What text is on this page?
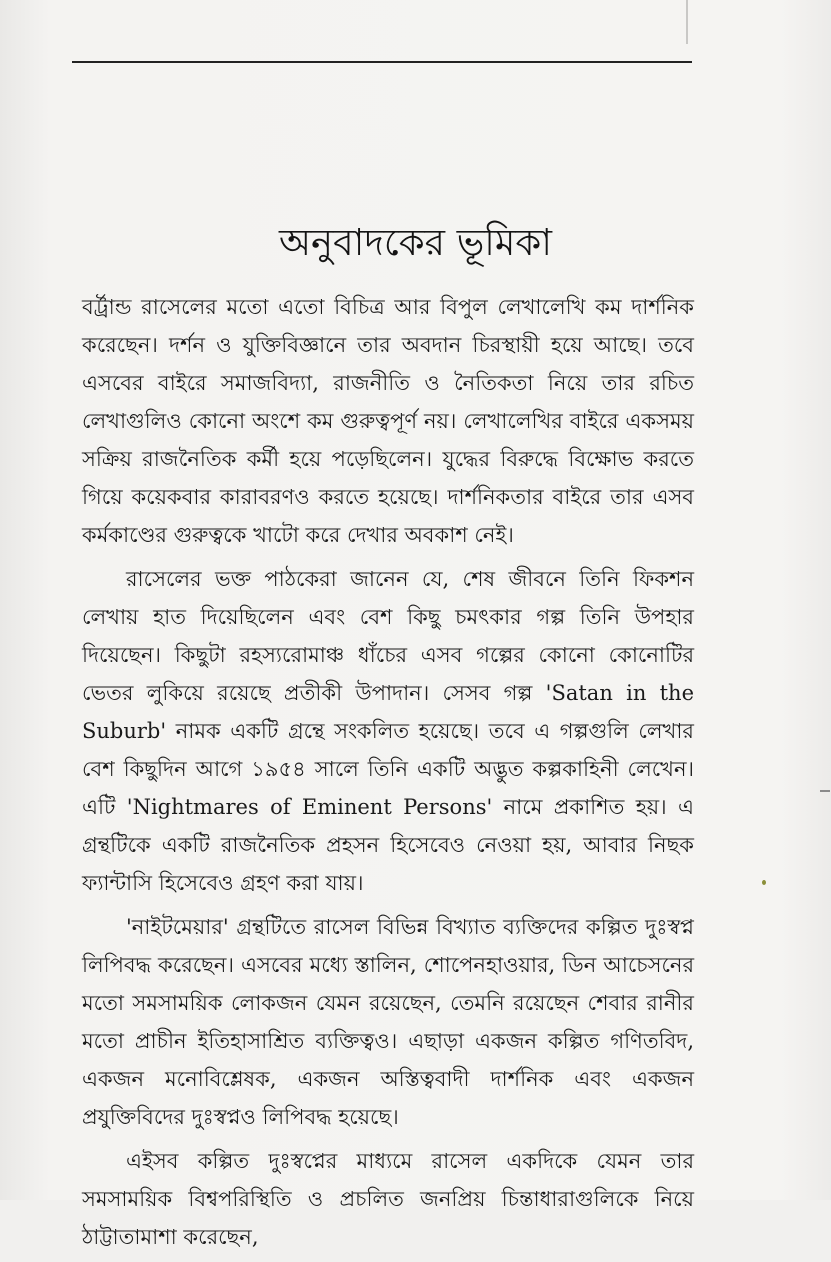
অনুবাদকের ভূমিকা

বর্ট্রান্ড রাসেলের মতো এতো বিচিত্র আর বিপুল লেখালেখি কম দার্শনিক করেছেন। দর্শন ও যুক্তিবিজ্ঞানে তার অবদান চিরস্থায়ী হয়ে আছে। তবে এসবের বাইরে সমাজবিদ্যা, রাজনীতি ও নৈতিকতা নিয়ে তার রচিত লেখাগুলিও কোনো অংশে কম গুরুত্বপূর্ণ নয়। লেখালেখির বাইরে একসময় সক্রিয় রাজনৈতিক কর্মী হয়ে পড়েছিলেন। যুদ্ধের বিরুদ্ধে বিক্ষোভ করতে গিয়ে কয়েকবার কারাবরণও করতে হয়েছে। দার্শনিকতার বাইরে তার এসব কর্মকাণ্ডের গুরুত্বকে খাটো করে দেখার অবকাশ নেই।

রাসেলের ভক্ত পাঠকেরা জানেন যে, শেষ জীবনে তিনি ফিকশন লেখায় হাত দিয়েছিলেন এবং বেশ কিছু চমৎকার গল্প তিনি উপহার দিয়েছেন। কিছুটা রহস্যরোমাঞ্চ ধাঁচের এসব গল্পের কোনো কোনোটির ভেতর লুকিয়ে রয়েছে প্রতীকী উপাদান। সেসব গল্প 'Satan in the Suburb' নামক একটি গ্রন্থে সংকলিত হয়েছে। তবে এ গল্পগুলি লেখার বেশ কিছুদিন আগে ১৯৫৪ সালে তিনি একটি অদ্ভুত কল্পকাহিনী লেখেন। এটি 'Nightmares of Eminent Persons' নামে প্রকাশিত হয়। এ গ্রন্থটিকে একটি রাজনৈতিক প্রহসন হিসেবেও নেওয়া হয়, আবার নিছক ফ্যান্টাসি হিসেবেও গ্রহণ করা যায়।

'নাইটমেয়ার' গ্রন্থটিতে রাসেল বিভিন্ন বিখ্যাত ব্যক্তিদের কল্পিত দুঃস্বপ্ন লিপিবদ্ধ করেছেন। এসবের মধ্যে স্তালিন, শোপেনহাওয়ার, ডিন আচেসনের মতো সমসাময়িক লোকজন যেমন রয়েছেন, তেমনি রয়েছেন শেবার রানীর মতো প্রাচীন ইতিহাসাশ্রিত ব্যক্তিত্বও। এছাড়া একজন কল্পিত গণিতবিদ, একজন মনোবিশ্লেষক, একজন অস্তিত্ববাদী দার্শনিক এবং একজন প্রযুক্তিবিদের দুঃস্বপ্নও লিপিবদ্ধ হয়েছে।

এইসব কল্পিত দুঃস্বপ্নের মাধ্যমে রাসেল একদিকে যেমন তার সমসাময়িক বিশ্বপরিস্থিতি ও প্রচলিত জনপ্রিয় চিন্তাধারাগুলিকে নিয়ে ঠাট্টাতামাশা করেছেন,
